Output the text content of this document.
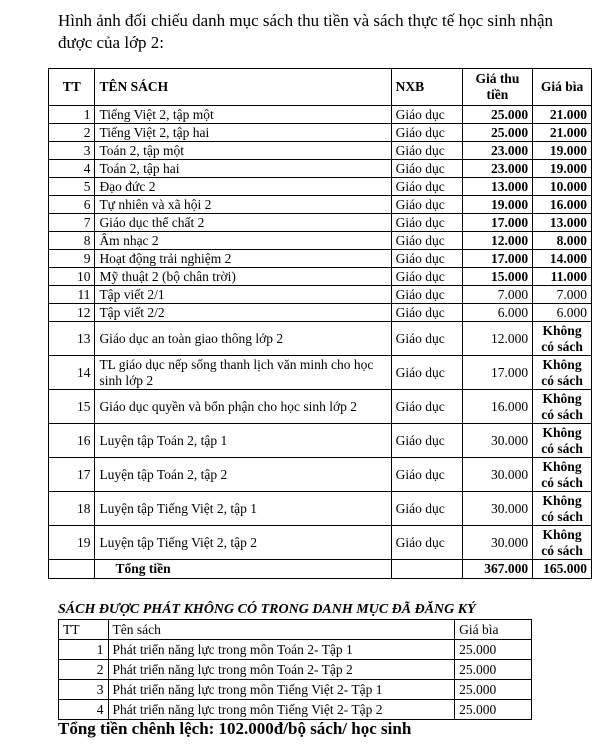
Hình ảnh đối chiếu danh mục sách thu tiền và sách thực tế học sinh nhận được của lớp 2:
TT	TÊN SÁCH	NXB	Giá thu tiền	Giá bìa
1	Tiếng Việt 2, tập một	Giáo dục	25.000	21.000
2	Tiếng Việt 2, tập hai	Giáo dục	25.000	21.000
3	Toán 2, tập một	Giáo dục	23.000	19.000
4	Toán 2, tập hai	Giáo dục	23.000	19.000
5	Đạo đức 2	Giáo dục	13.000	10.000
6	Tự nhiên và xã hội 2	Giáo dục	19.000	16.000
7	Giáo dục thể chất 2	Giáo dục	17.000	13.000
8	Âm nhạc 2	Giáo dục	12.000	8.000
9	Hoạt động trải nghiệm 2	Giáo dục	17.000	14.000
10	Mỹ thuật 2 (bộ chân trời)	Giáo dục	15.000	11.000
11	Tập viết 2/1	Giáo dục	7.000	7.000
12	Tập viết 2/2	Giáo dục	6.000	6.000
13	Giáo dục an toàn giao thông lớp 2	Giáo dục	12.000	Không có sách
14	TL giáo dục nếp sống thanh lịch văn minh cho học sinh lớp 2	Giáo dục	17.000	Không có sách
15	Giáo dục quyền và bổn phận cho học sinh lớp 2	Giáo dục	16.000	Không có sách
16	Luyện tập Toán 2, tập 1	Giáo dục	30.000	Không có sách
17	Luyện tập Toán 2, tập 2	Giáo dục	30.000	Không có sách
18	Luyện tập Tiếng Việt 2, tập 1	Giáo dục	30.000	Không có sách
19	Luyện tập Tiếng Việt 2, tập 2	Giáo dục	30.000	Không có sách
	Tổng tiền		367.000	165.000
SÁCH ĐƯỢC PHÁT KHÔNG CÓ TRONG DANH MỤC ĐÃ ĐĂNG KÝ
TT	Tên sách	Giá bìa
1	Phát triển năng lực trong môn Toán 2- Tập 1	25.000
2	Phát triển năng lực trong môn Toán 2- Tập 2	25.000
3	Phát triển năng lực trong môn Tiếng Việt 2- Tập 1	25.000
4	Phát triển năng lực trong môn Tiếng Việt 2- Tập 2	25.000
Tổng tiền chênh lệch: 102.000đ/bộ sách/ học sinh
